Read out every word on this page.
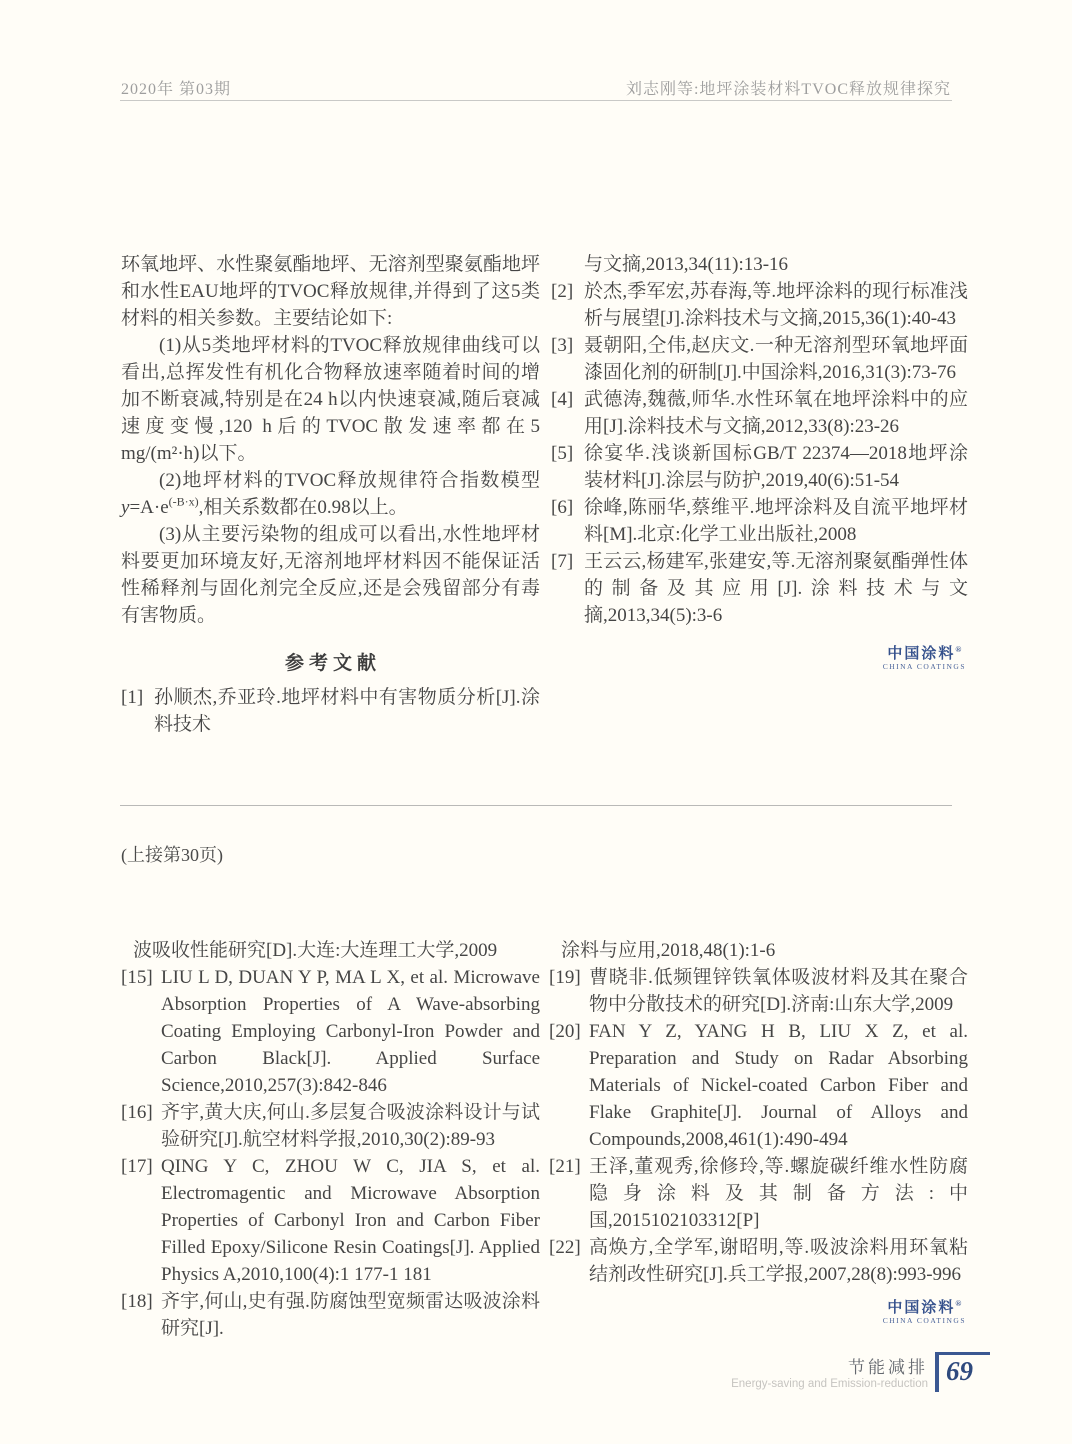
2020年 第03期	刘志刚等:地坪涂装材料TVOC释放规律探究

环氧地坪、水性聚氨酯地坪、无溶剂型聚氨酯地坪和水性EAU地坪的TVOC释放规律,并得到了这5类材料的相关参数。主要结论如下:

(1)从5类地坪材料的TVOC释放规律曲线可以看出,总挥发性有机化合物释放速率随着时间的增加不断衰减,特别是在24 h以内快速衰减,随后衰减速度变慢,120 h后的TVOC散发速率都在5 mg/(m²·h)以下。

(2)地坪材料的TVOC释放规律符合指数模型$y=A\cdot e^{(-B\cdot x)}$,相关系数都在0.98以上。

(3)从主要污染物的组成可以看出,水性地坪材料要更加环境友好,无溶剂地坪材料因不能保证活性稀释剂与固化剂完全反应,还是会残留部分有毒有害物质。

参考文献
[1] 孙顺杰,乔亚玲.地坪材料中有害物质分析[J].涂料技术
与文摘,2013,34(11):13-16
[2] 於杰,季军宏,苏春海,等.地坪涂料的现行标准浅析与展望[J].涂料技术与文摘,2015,36(1):40-43
[3] 聂朝阳,仝伟,赵庆文.一种无溶剂型环氧地坪面漆固化剂的研制[J].中国涂料,2016,31(3):73-76
[4] 武德涛,魏薇,师华.水性环氧在地坪涂料中的应用[J].涂料技术与文摘,2012,33(8):23-26
[5] 徐宴华.浅谈新国标GB/T 22374—2018地坪涂装材料[J].涂层与防护,2019,40(6):51-54
[6] 徐峰,陈丽华,蔡维平.地坪涂料及自流平地坪材料[M].北京:化学工业出版社,2008
[7] 王云云,杨建军,张建安,等.无溶剂聚氨酯弹性体的制备及其应用[J].涂料技术与文摘,2013,34(5):3-6
中国涂料®
CHINA COATINGS
(上接第30页)
波吸收性能研究[D].大连:大连理工大学,2009
[15] LIU L D, DUAN Y P, MA L X, et al. Microwave Absorption Properties of A Wave-absorbing Coating Employing Carbonyl-Iron Powder and Carbon Black[J]. Applied Surface Science,2010,257(3):842-846
[16] 齐宇,黄大庆,何山.多层复合吸波涂料设计与试验研究[J].航空材料学报,2010,30(2):89-93
[17] QING Y C, ZHOU W C, JIA S, et al. Electromagentic and Microwave Absorption Properties of Carbonyl Iron and Carbon Fiber Filled Epoxy/Silicone Resin Coatings[J]. Applied Physics A,2010,100(4):1 177-1 181
[18] 齐宇,何山,史有强.防腐蚀型宽频雷达吸波涂料研究[J].
涂料与应用,2018,48(1):1-6
[19] 曹晓非.低频锂锌铁氧体吸波材料及其在聚合物中分散技术的研究[D].济南:山东大学,2009
[20] FAN Y Z, YANG H B, LIU X Z, et al. Preparation and Study on Radar Absorbing Materials of Nickel-coated Carbon Fiber and Flake Graphite[J]. Journal of Alloys and Compounds,2008,461(1):490-494
[21] 王泽,董观秀,徐修玲,等.螺旋碳纤维水性防腐隐身涂料及其制备方法:中国,2015102103312[P]
[22] 高焕方,全学军,谢昭明,等.吸波涂料用环氧粘结剂改性研究[J].兵工学报,2007,28(8):993-996
中国涂料®
CHINA COATINGS
节能减排
Energy-saving and Emission-reduction 69
